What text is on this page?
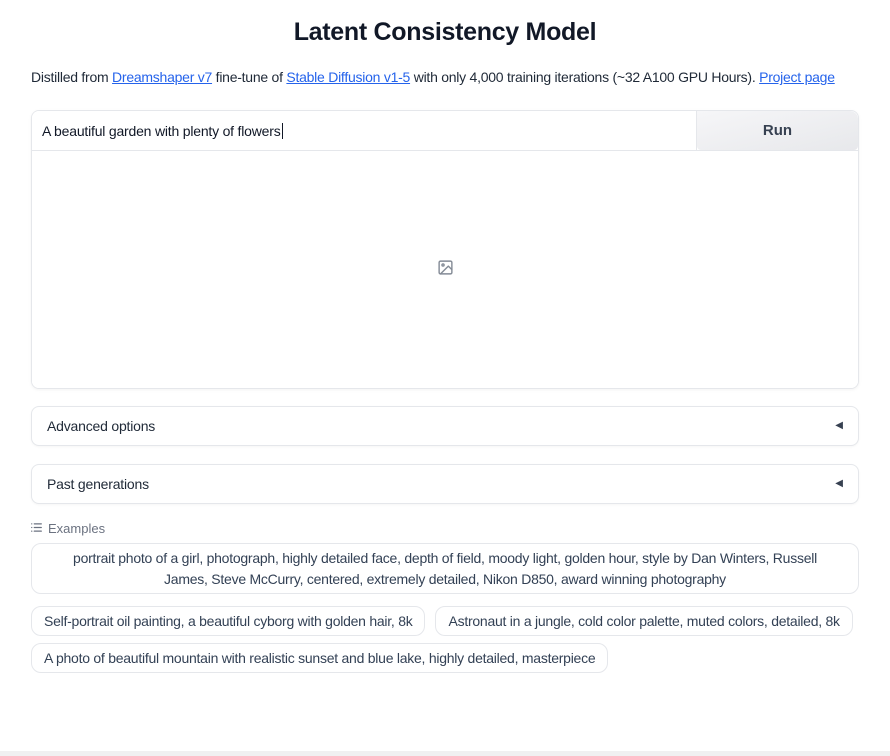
Latent Consistency Model

Distilled from Dreamshaper v7 fine-tune of Stable Diffusion v1-5 with only 4,000 training iterations (~32 A100 GPU Hours). Project page

A beautiful garden with plenty of flowers	Run
Advanced options	◀
Past generations	◀
Examples
portrait photo of a girl, photograph, highly detailed face, depth of field, moody light, golden hour, style by Dan Winters, Russell James, Steve McCurry, centered, extremely detailed, Nikon D850, award winning photography
Self-portrait oil painting, a beautiful cyborg with golden hair, 8k	Astronaut in a jungle, cold color palette, muted colors, detailed, 8k
A photo of beautiful mountain with realistic sunset and blue lake, highly detailed, masterpiece
